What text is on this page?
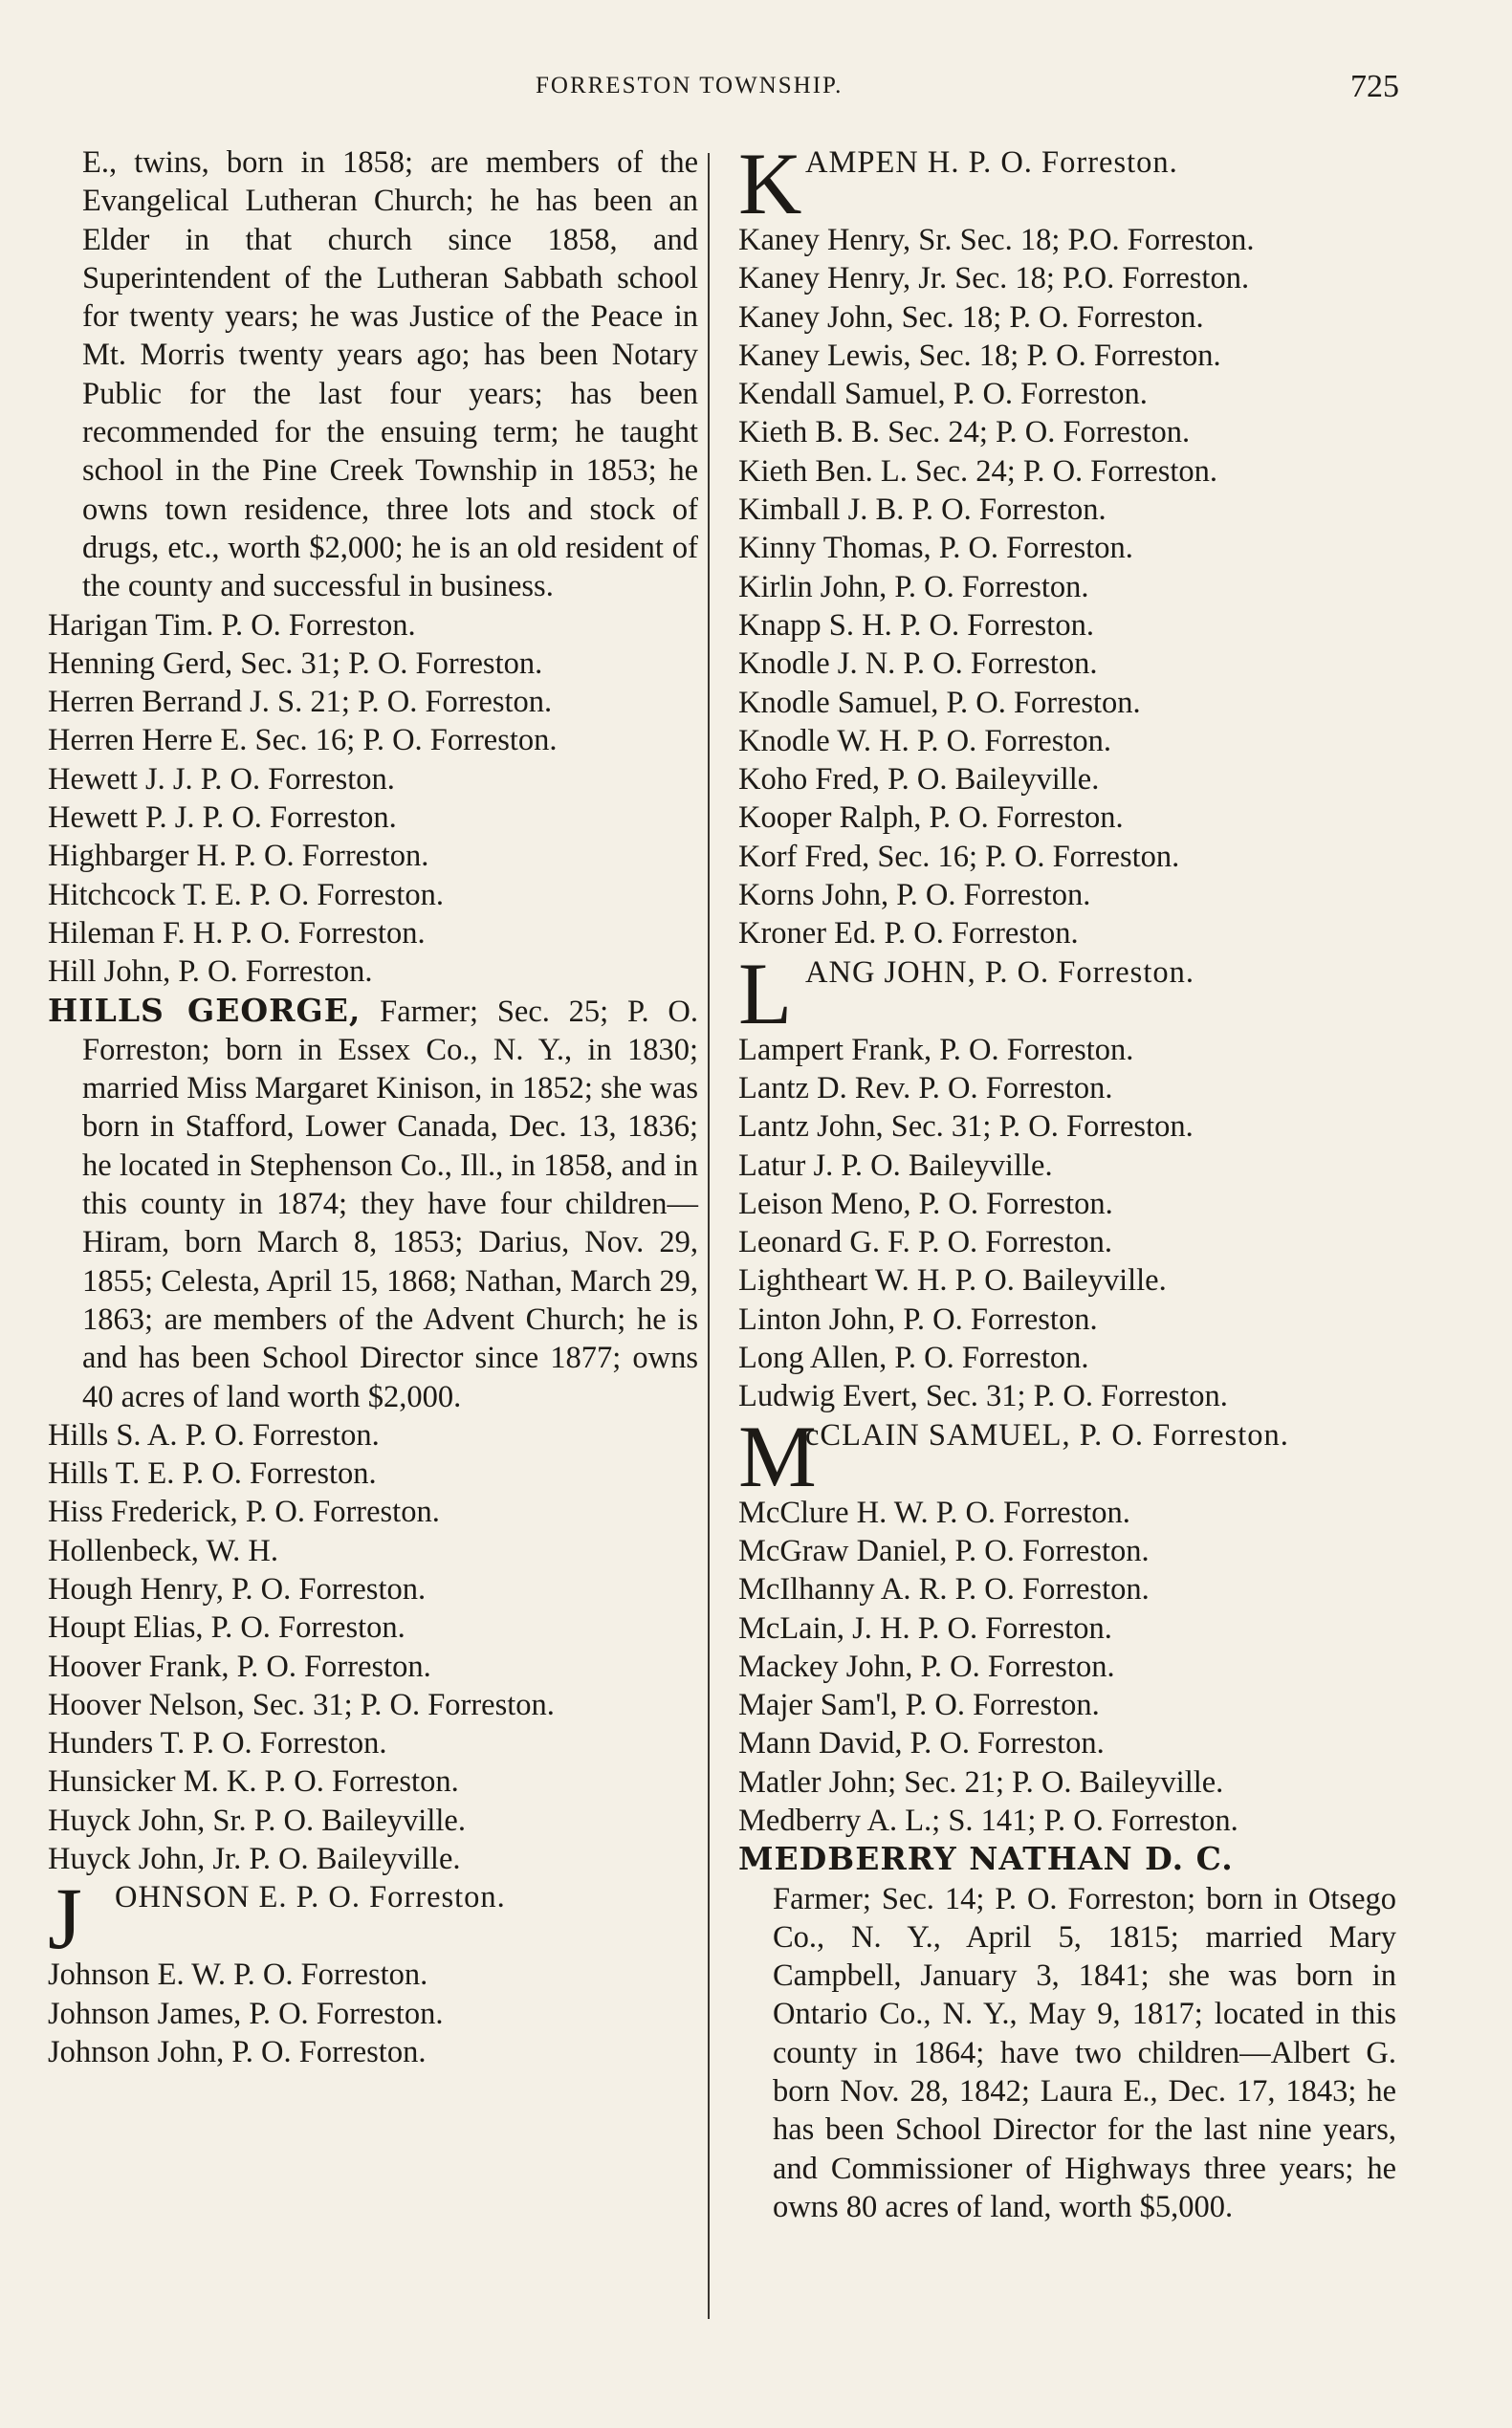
FORRESTON TOWNSHIP.	725

E., twins, born in 1858; are members of the Evangelical Lutheran Church; he has been an Elder in that church since 1858, and Superintendent of the Lutheran Sabbath school for twenty years; he was Justice of the Peace in Mt. Morris twenty years ago; has been Notary Public for the last four years; has been recommended for the ensuing term; he taught school in the Pine Creek Township in 1853; he owns town residence, three lots and stock of drugs, etc., worth $2,000; he is an old resident of the county and successful in business.

Harigan Tim. P. O. Forreston.

Henning Gerd, Sec. 31; P. O. Forreston.

Herren Berrand J. S. 21; P. O. Forreston.

Herren Herre E. Sec. 16; P. O. Forreston.

Hewett J. J. P. O. Forreston.

Hewett P. J. P. O. Forreston.

Highbarger H. P. O. Forreston.

Hitchcock T. E. P. O. Forreston.

Hileman F. H. P. O. Forreston.

Hill John, P. O. Forreston.

HILLS GEORGE, Farmer; Sec. 25; P. O. Forreston; born in Essex Co., N. Y., in 1830; married Miss Margaret Kinison, in 1852; she was born in Stafford, Lower Canada, Dec. 13, 1836; he located in Stephenson Co., Ill., in 1858, and in this county in 1874; they have four children—Hiram, born March 8, 1853; Darius, Nov. 29, 1855; Celesta, April 15, 1868; Nathan, March 29, 1863; are members of the Advent Church; he is and has been School Director since 1877; owns 40 acres of land worth $2,000.

Hills S. A. P. O. Forreston.

Hills T. E. P. O. Forreston.

Hiss Frederick, P. O. Forreston.

Hollenbeck, W. H.

Hough Henry, P. O. Forreston.

Houpt Elias, P. O. Forreston.

Hoover Frank, P. O. Forreston.

Hoover Nelson, Sec. 31; P. O. Forreston.

Hunders T. P. O. Forreston.

Hunsicker M. K. P. O. Forreston.

Huyck John, Sr. P. O. Baileyville.

Huyck John, Jr. P. O. Baileyville.

J OHNSON E. P. O. Forreston.

Johnson E. W. P. O. Forreston.

Johnson James, P. O. Forreston.

Johnson John, P. O. Forreston.

K AMPEN H. P. O. Forreston.

Kaney Henry, Sr. Sec. 18; P.O. Forreston.

Kaney Henry, Jr. Sec. 18; P.O. Forreston.

Kaney John, Sec. 18; P. O. Forreston.

Kaney Lewis, Sec. 18; P. O. Forreston.

Kendall Samuel, P. O. Forreston.

Kieth B. B. Sec. 24; P. O. Forreston.

Kieth Ben. L. Sec. 24; P. O. Forreston.

Kimball J. B. P. O. Forreston.

Kinny Thomas, P. O. Forreston.

Kirlin John, P. O. Forreston.

Knapp S. H. P. O. Forreston.

Knodle J. N. P. O. Forreston.

Knodle Samuel, P. O. Forreston.

Knodle W. H. P. O. Forreston.

Koho Fred, P. O. Baileyville.

Kooper Ralph, P. O. Forreston.

Korf Fred, Sec. 16; P. O. Forreston.

Korns John, P. O. Forreston.

Kroner Ed. P. O. Forreston.

L ANG JOHN, P. O. Forreston.

Lampert Frank, P. O. Forreston.

Lantz D. Rev. P. O. Forreston.

Lantz John, Sec. 31; P. O. Forreston.

Latur J. P. O. Baileyville.

Leison Meno, P. O. Forreston.

Leonard G. F. P. O. Forreston.

Lightheart W. H. P. O. Baileyville.

Linton John, P. O. Forreston.

Long Allen, P. O. Forreston.

Ludwig Evert, Sec. 31; P. O. Forreston.

M
cCLAIN SAMUEL, P. O. Forreston.

McClure H. W. P. O. Forreston.

McGraw Daniel, P. O. Forreston.

McIlhanny A. R. P. O. Forreston.

McLain, J. H. P. O. Forreston.

Mackey John, P. O. Forreston.

Majer Sam'l, P. O. Forreston.

Mann David, P. O. Forreston.

Matler John; Sec. 21; P. O. Baileyville.

Medberry A. L.; S. 141; P. O. Forreston.

MEDBERRY NATHAN D. C.

Farmer; Sec. 14; P. O. Forreston; born in Otsego Co., N. Y., April 5, 1815; married Mary Campbell, January 3, 1841; she was born in Ontario Co., N. Y., May 9, 1817; located in this county in 1864; have two children—Albert G. born Nov. 28, 1842; Laura E., Dec. 17, 1843; he has been School Director for the last nine years, and Commissioner of Highways three years; he owns 80 acres of land, worth $5,000.
